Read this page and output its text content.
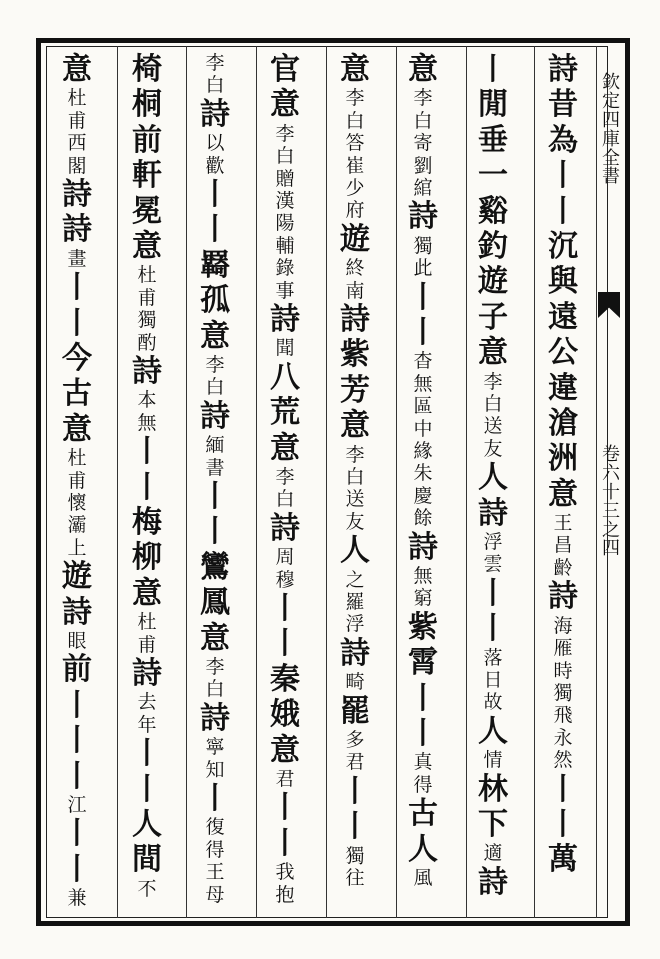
欽
定
四
庫
全
書
卷
六
十
三
之
四
詩
昔
為
丨
丨
沉
與
遠
公
違
滄
洲
意
王
昌
齡
詩
海
雁
時
獨
飛
永
然
丨
丨
萬
丨
閒
垂
一
谿
釣
遊
子
意
李
白
送
友
人
詩
浮
雲
丨
丨
落
日
故
人
情
林
下
適
詩
意
李
白
寄
劉
綰
詩
獨
此
丨
丨
杳
無
區
中
緣
朱
慶
餘
詩
無
窮
紫
霄
丨
丨
真
得
古
人
風
意
李
白
答
崔
少
府
遊
終
南
詩
紫
芳
意
李
白
送
友
人
之
羅
浮
詩
畸
罷
多
君
丨
丨
獨
往
官
意
李
白
贈
漢
陽
輔
錄
事
詩
聞
八
荒
意
李
白
詩
周
穆
丨
丨
秦
娥
意
君
丨
丨
我
抱
李
白
詩
以
歡
丨
丨
羇
孤
意
李
白
詩
緬
書
丨
丨
鸞
鳳
意
李
白
詩
寧
知
丨
復
得
王
母
椅
桐
前
軒
冕
意
杜
甫
獨
酌
詩
本
無
丨
丨
梅
柳
意
杜
甫
詩
去
年
丨
丨
人
間
不
意
杜
甫
西
閣
詩
詩
畫
丨
丨
今
古
意
杜
甫
懷
灞
上
遊
詩
眼
前
丨
丨
丨
江
丨
丨
兼
